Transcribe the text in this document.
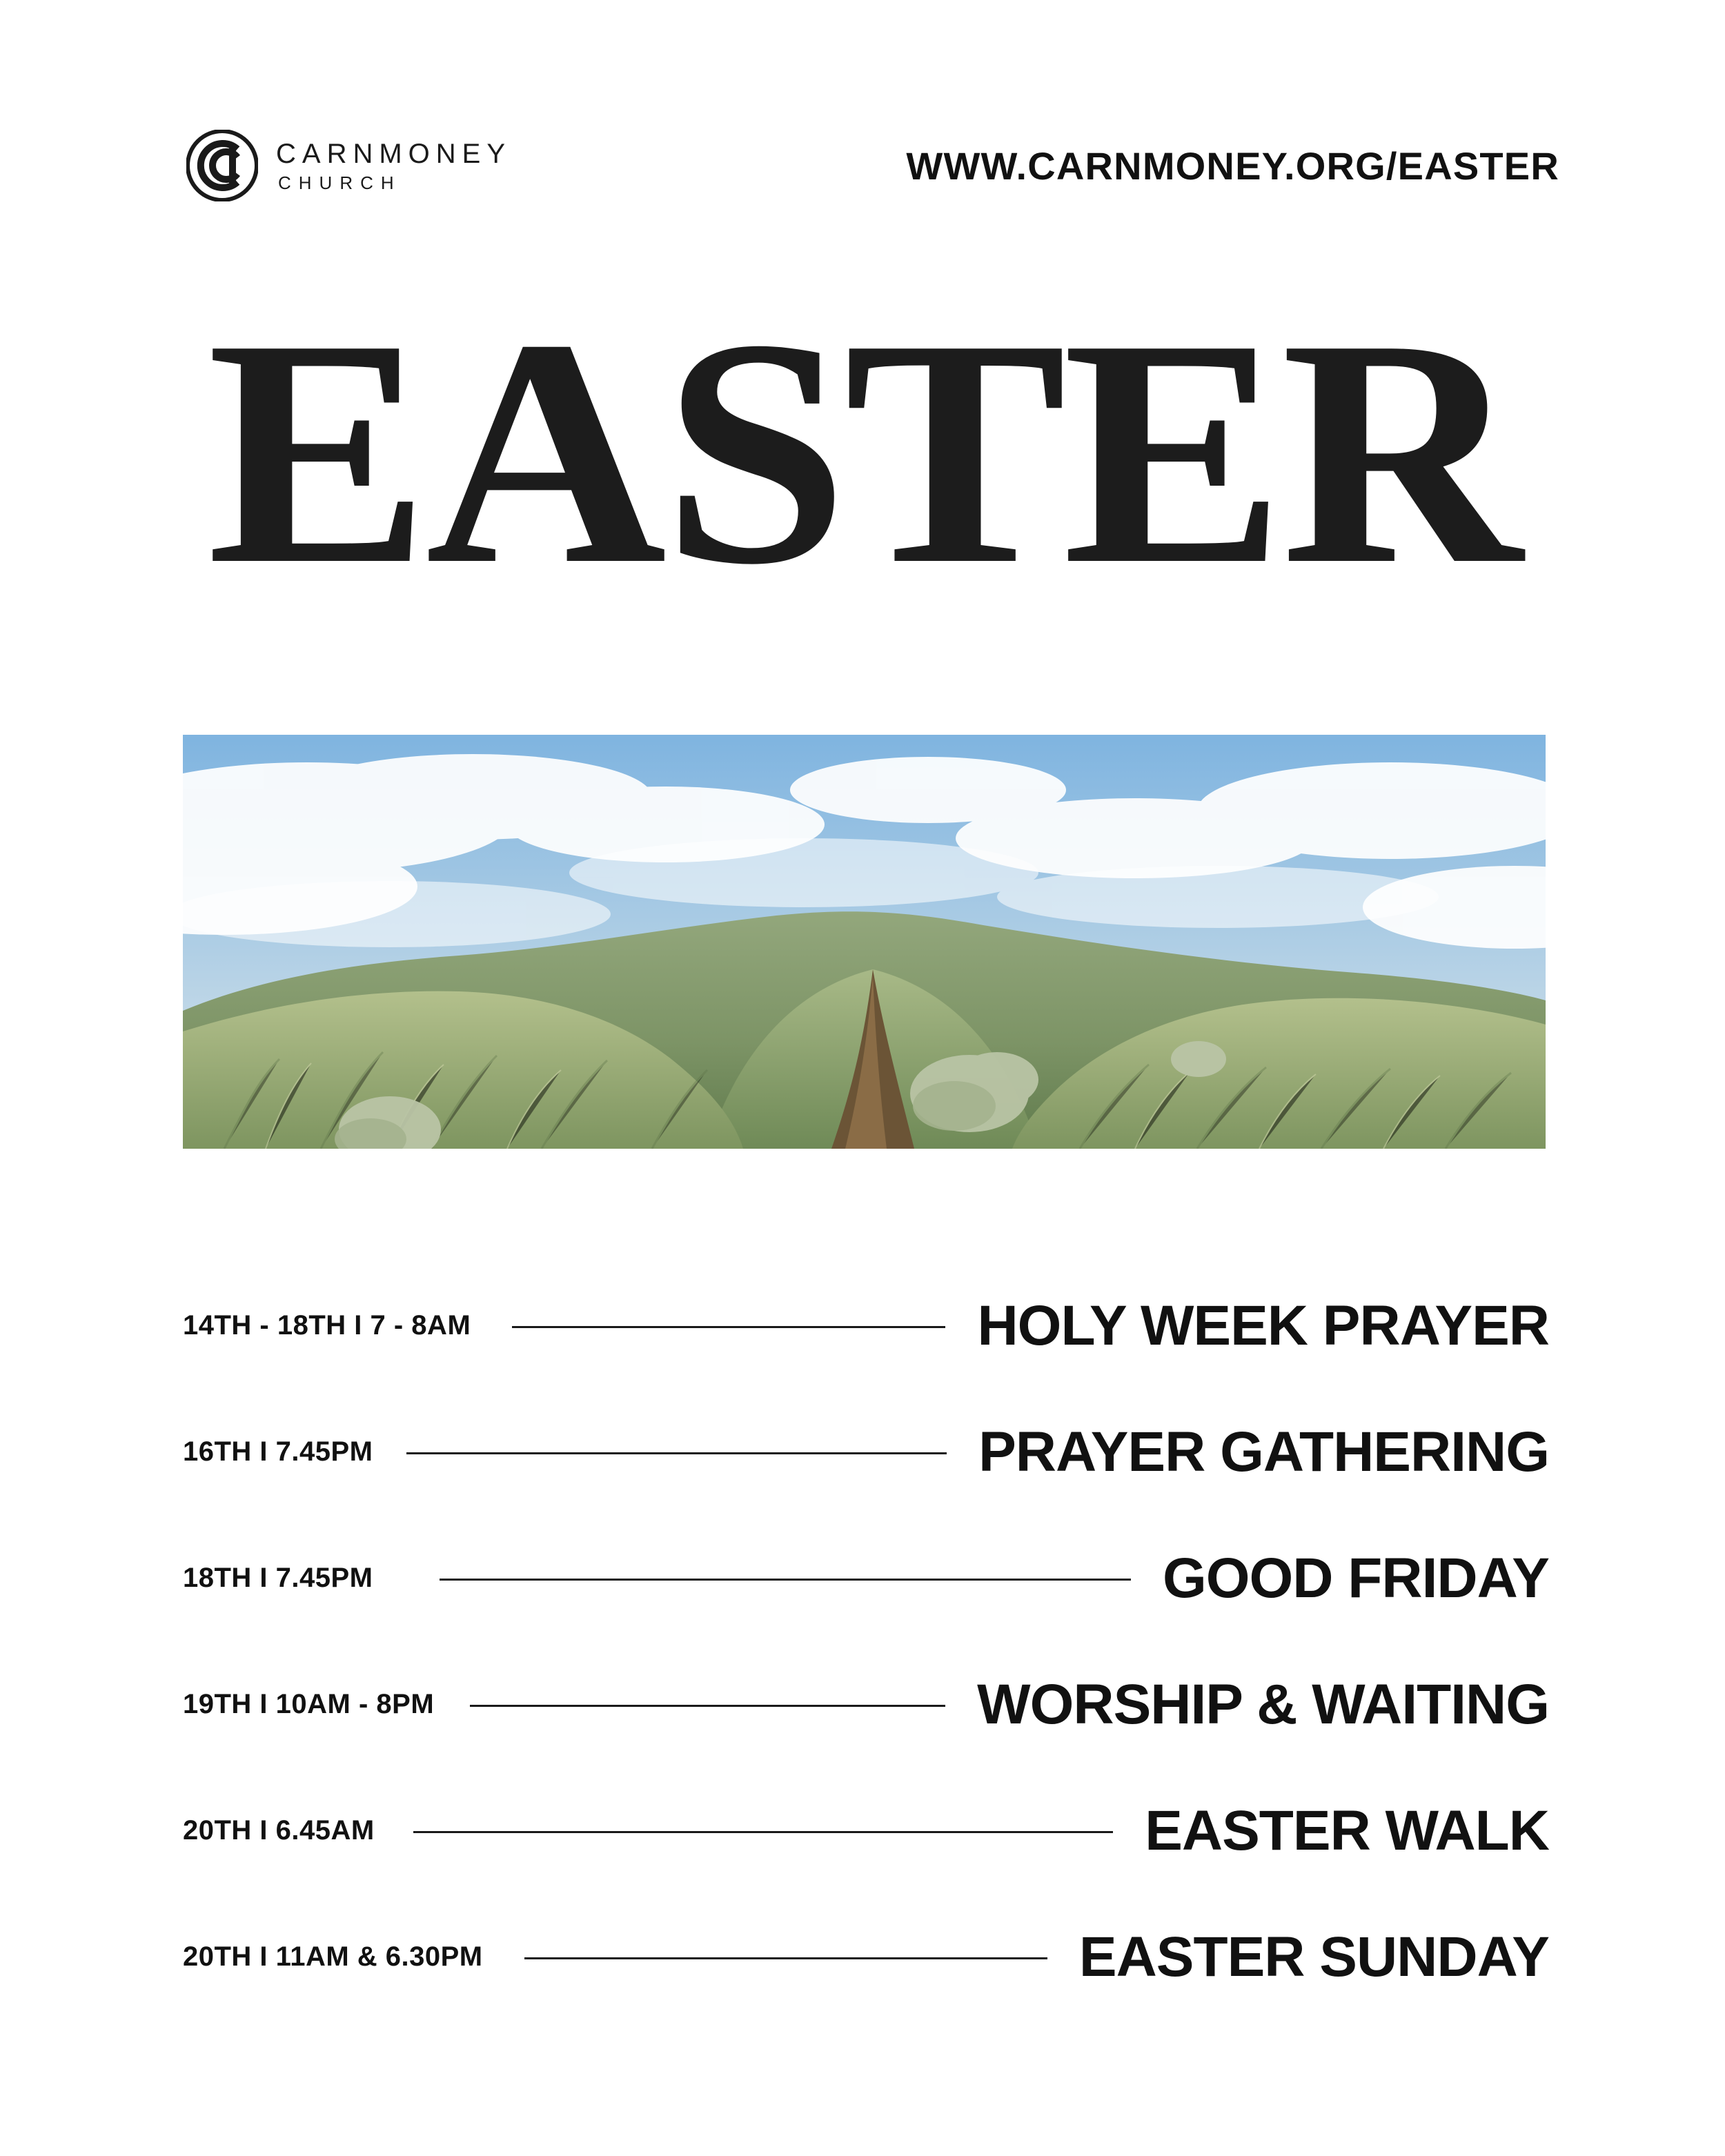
CARNMONEY
CHURCH	WWW.CARNMONEY.ORG/EASTER
EASTER
14TH - 18TH I 7 - 8AM	HOLY WEEK PRAYER
16TH I 7.45PM	PRAYER GATHERING
18TH I 7.45PM	GOOD FRIDAY
19TH I 10AM - 8PM	WORSHIP & WAITING
20TH I 6.45AM	EASTER WALK
20TH I 11AM & 6.30PM	EASTER SUNDAY
